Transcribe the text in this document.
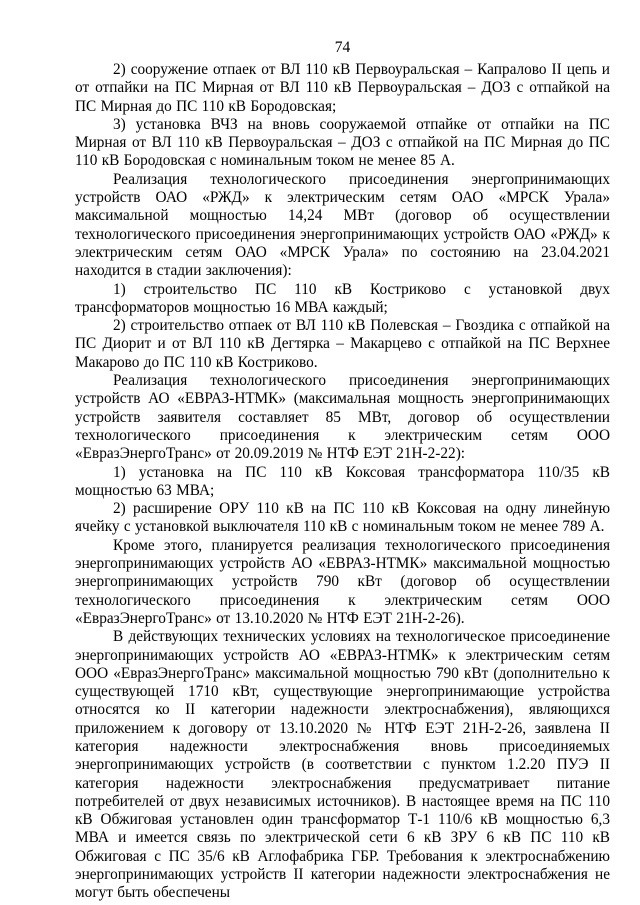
74

2) сооружение отпаек от ВЛ 110 кВ Первоуральская – Капралово II цепь и от отпайки на ПС Мирная от ВЛ 110 кВ Первоуральская – ДОЗ с отпайкой на ПС Мирная до ПС 110 кВ Бородовская;

3) установка ВЧЗ на вновь сооружаемой отпайке от отпайки на ПС Мирная от ВЛ 110 кВ Первоуральская – ДОЗ с отпайкой на ПС Мирная до ПС 110 кВ Бородовская с номинальным током не менее 85 А.

Реализация технологического присоединения энергопринимающих устройств ОАО «РЖД» к электрическим сетям ОАО «МРСК Урала» максимальной мощностью 14,24 МВт (договор об осуществлении технологического присоединения энергопринимающих устройств ОАО «РЖД» к электрическим сетям ОАО «МРСК Урала» по состоянию на 23.04.2021 находится в стадии заключения):

1) строительство ПС 110 кВ Костриково с установкой двух трансформаторов мощностью 16 МВА каждый;

2) строительство отпаек от ВЛ 110 кВ Полевская – Гвоздика с отпайкой на ПС Диорит и от ВЛ 110 кВ Дегтярка – Макарцево с отпайкой на ПС Верхнее Макарово до ПС 110 кВ Костриково.

Реализация технологического присоединения энергопринимающих устройств АО «ЕВРАЗ-НТМК» (максимальная мощность энергопринимающих устройств заявителя составляет 85 МВт, договор об осуществлении технологического присоединения к электрическим сетям ООО «ЕвразЭнергоТранс» от 20.09.2019 № НТФ ЕЭТ 21Н-2-22):

1) установка на ПС 110 кВ Коксовая трансформатора 110/35 кВ мощностью 63 МВА;

2) расширение ОРУ 110 кВ на ПС 110 кВ Коксовая на одну линейную ячейку с установкой выключателя 110 кВ с номинальным током не менее 789 А.

Кроме этого, планируется реализация технологического присоединения энергопринимающих устройств АО «ЕВРАЗ-НТМК» максимальной мощностью энергопринимающих устройств 790 кВт (договор об осуществлении технологического присоединения к электрическим сетям ООО «ЕвразЭнергоТранс» от 13.10.2020 № НТФ ЕЭТ 21Н-2-26).

В действующих технических условиях на технологическое присоединение энергопринимающих устройств АО «ЕВРАЗ-НТМК» к электрическим сетям ООО «ЕвразЭнергоТранс» максимальной мощностью 790 кВт (дополнительно к существующей 1710 кВт, существующие энергопринимающие устройства относятся ко II категории надежности электроснабжения), являющихся приложением к договору от 13.10.2020 № НТФ ЕЭТ 21Н-2-26, заявлена II категория надежности электроснабжения вновь присоединяемых энергопринимающих устройств (в соответствии с пунктом 1.2.20 ПУЭ II категория надежности электроснабжения предусматривает питание потребителей от двух независимых источников). В настоящее время на ПС 110 кВ Обжиговая установлен один трансформатор Т-1 110/6 кВ мощностью 6,3 МВА и имеется связь по электрической сети 6 кВ ЗРУ 6 кВ ПС 110 кВ Обжиговая с ПС 35/6 кВ Аглофабрика ГБР. Требования к электроснабжению энергопринимающих устройств II категории надежности электроснабжения не могут быть обеспечены
